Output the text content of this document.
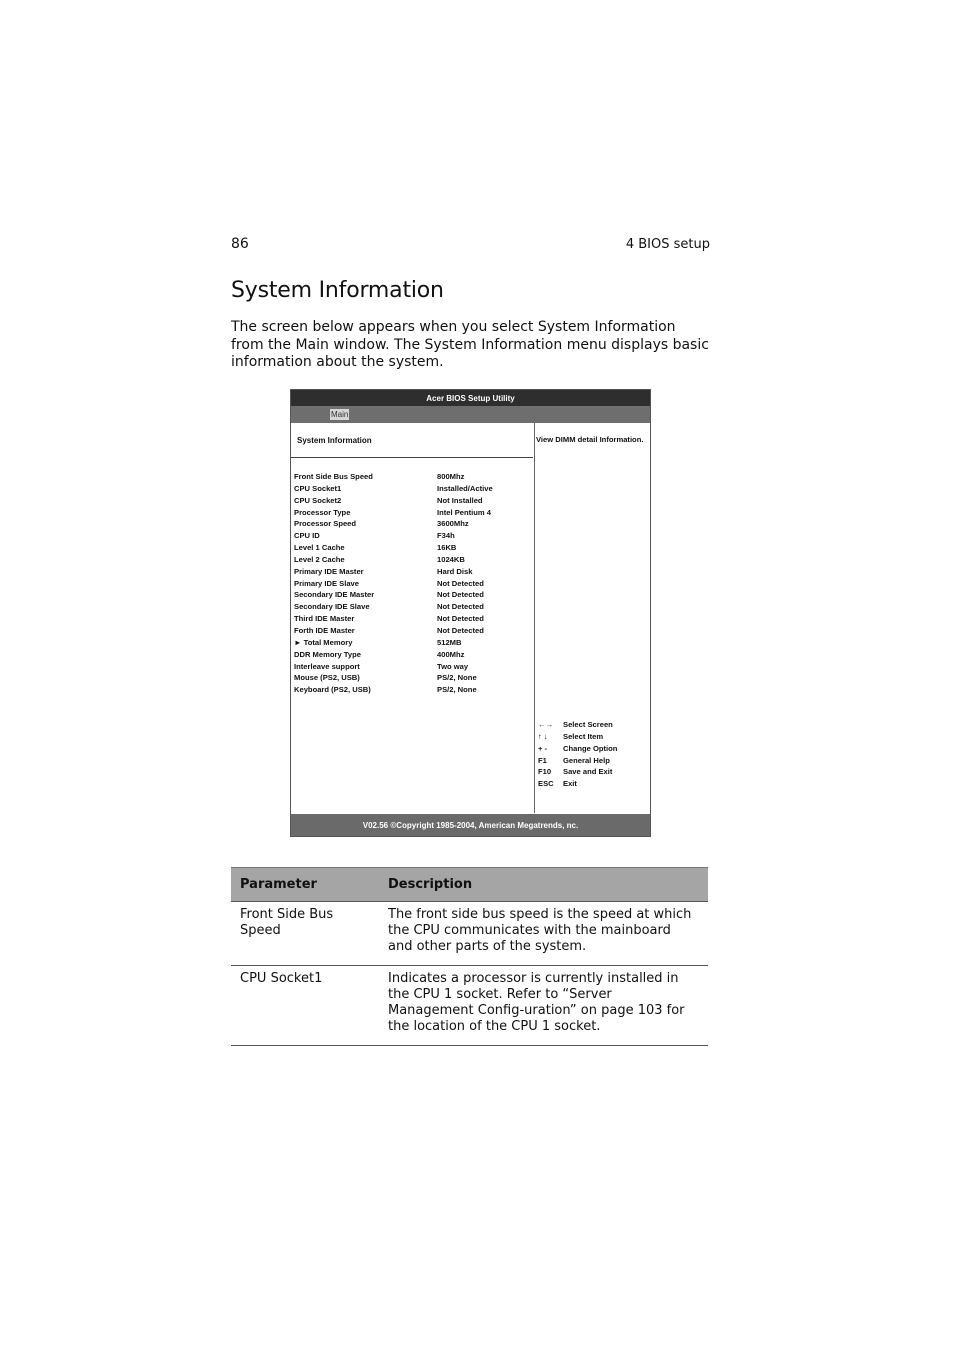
86	4 BIOS setup
System Information

The screen below appears when you select System Information from the Main window. The System Information menu displays basic information about the system.

Acer BIOS Setup Utility
Main
System Information
Front Side Bus Speed	800Mhz
CPU Socket1	Installed/Active
CPU Socket2	Not Installed
Processor Type	Intel Pentium 4
Processor Speed	3600Mhz
CPU ID	F34h
Level 1 Cache	16KB
Level 2 Cache	1024KB
Primary IDE Master	Hard Disk
Primary IDE Slave	Not Detected
Secondary IDE Master	Not Detected
Secondary IDE Slave	Not Detected
Third IDE Master	Not Detected
Forth IDE Master	Not Detected
► Total Memory	512MB
DDR Memory Type	400Mhz
Interleave support	Two way
Mouse (PS2, USB)	PS/2, None
Keyboard (PS2, USB)	PS/2, None
View DIMM detail Information.
←→ Select Screen
↑ ↓ Select Item
+ - Change Option
F1 General Help
F10 Save and Exit
ESC Exit
V02.56 ©Copyright 1985-2004, American Megatrends, nc.
Parameter	Description
Front Side Bus Speed	The front side bus speed is the speed at which the CPU communicates with the mainboard and other parts of the system.
CPU Socket1	Indicates a processor is currently installed in the CPU 1 socket. Refer to “Server Management Config-uration” on page 103 for the location of the CPU 1 socket.
